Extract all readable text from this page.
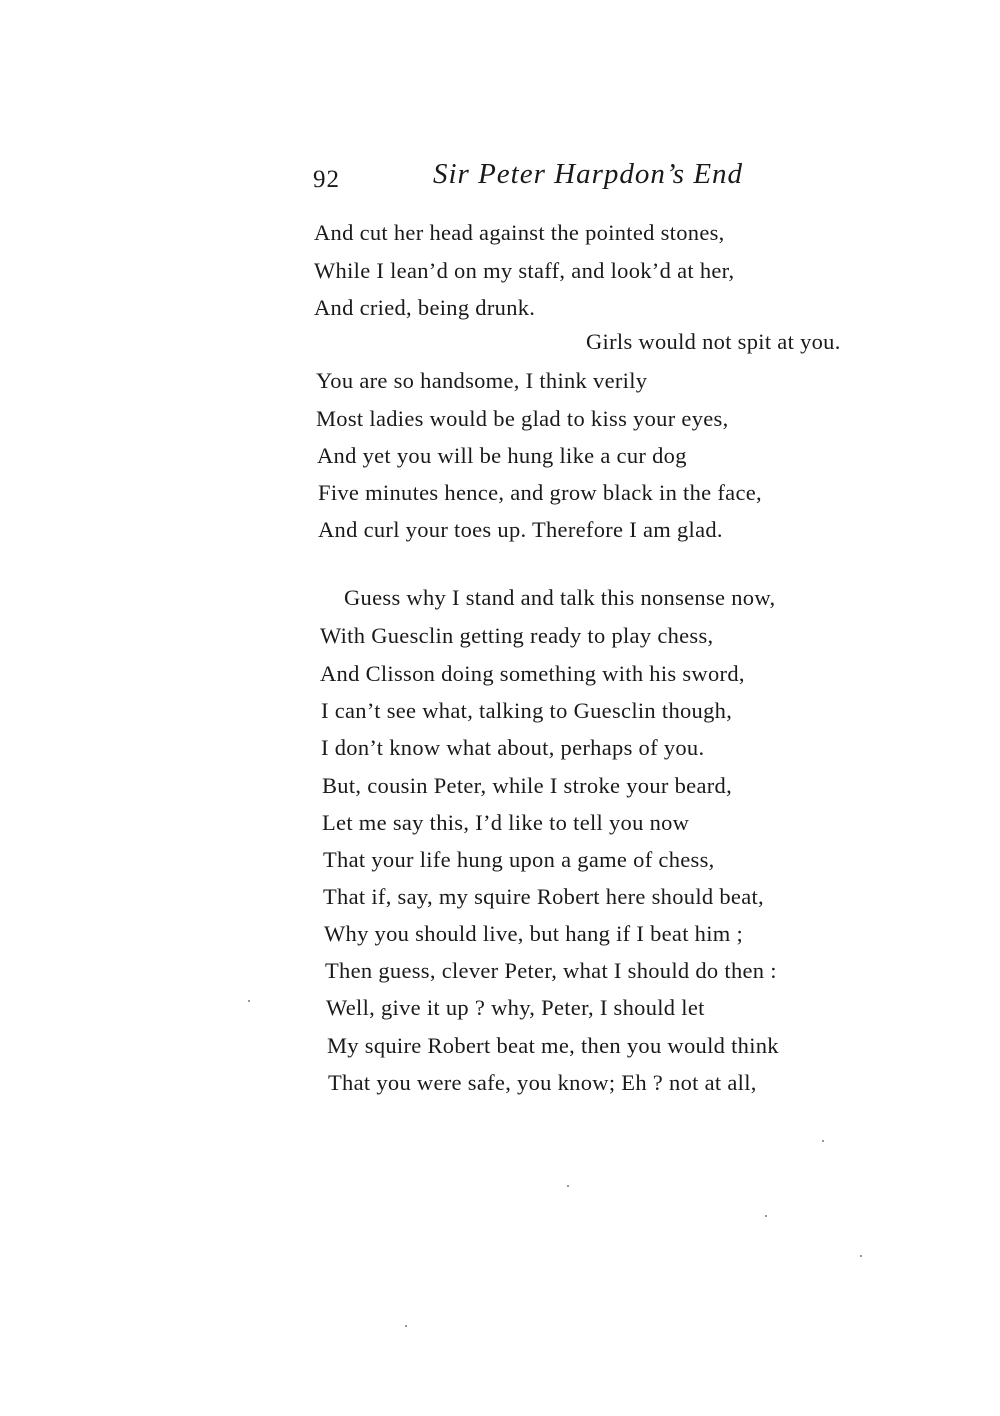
92	Sir Peter Harpdon’s End
And cut her head against the pointed stones,
While I lean’d on my staff, and look’d at her,
And cried, being drunk.
Girls would not spit at you.
You are so handsome, I think verily
Most ladies would be glad to kiss your eyes,
And yet you will be hung like a cur dog
Five minutes hence, and grow black in the face,
And curl your toes up. Therefore I am glad.
Guess why I stand and talk this nonsense now,
With Guesclin getting ready to play chess,
And Clisson doing something with his sword,
I can’t see what, talking to Guesclin though,
I don’t know what about, perhaps of you.
But, cousin Peter, while I stroke your beard,
Let me say this, I’d like to tell you now
That your life hung upon a game of chess,
That if, say, my squire Robert here should beat,
Why you should live, but hang if I beat him ;
Then guess, clever Peter, what I should do then :
Well, give it up ? why, Peter, I should let
My squire Robert beat me, then you would think
That you were safe, you know; Eh ? not at all,
